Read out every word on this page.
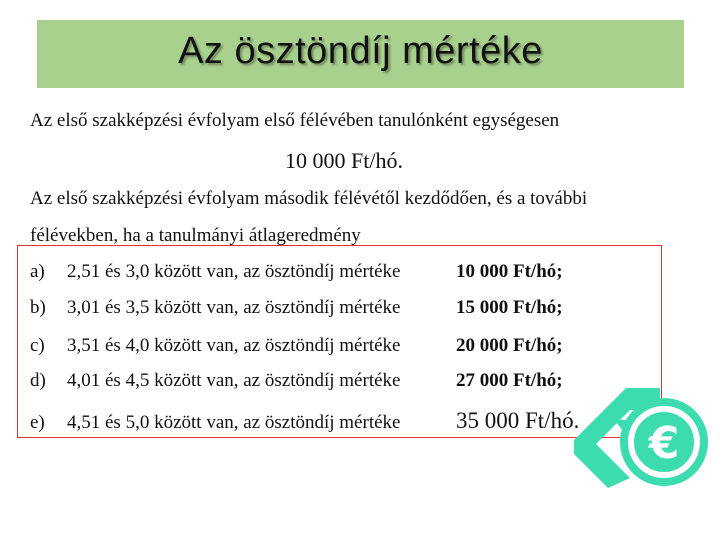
Az ösztöndíj mértéke
Az első szakképzési évfolyam első félévében tanulónként egységesen
10 000 Ft/hó.
Az első szakképzési évfolyam második félévétől kezdődően, és a további
félévekben, ha a tanulmányi átlageredmény
a) 2,51 és 3,0 között van, az ösztöndíj mértéke	10 000 Ft/hó;
b) 3,01 és 3,5 között van, az ösztöndíj mértéke	15 000 Ft/hó;
c) 3,51 és 4,0 között van, az ösztöndíj mértéke	20 000 Ft/hó;
d) 4,01 és 4,5 között van, az ösztöndíj mértéke	27 000 Ft/hó;
e) 4,51 és 5,0 között van, az ösztöndíj mértéke 35 000 Ft/hó. €
